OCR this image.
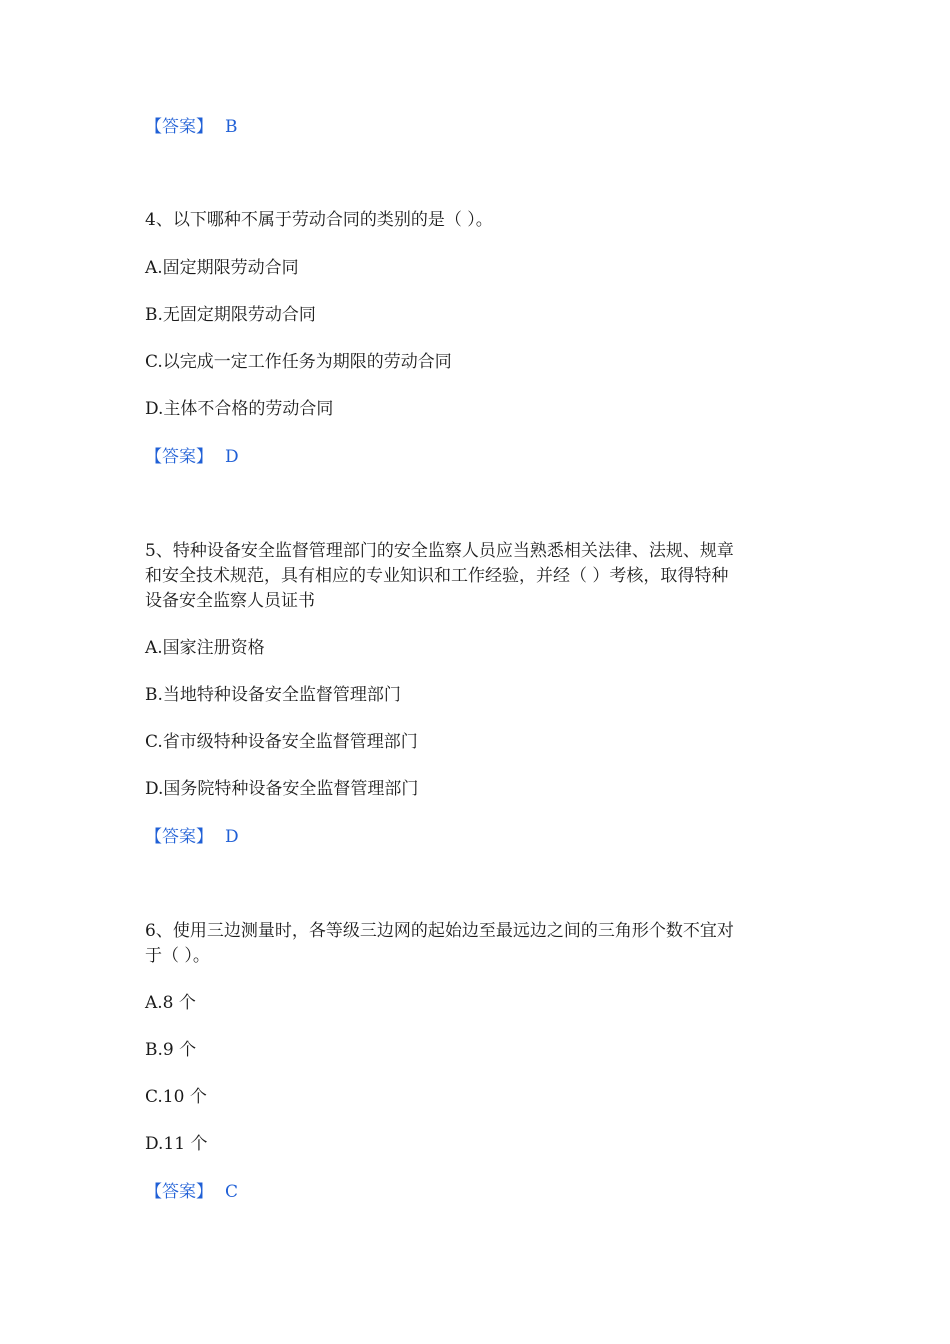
【答案】 B
4、以下哪种不属于劳动合同的类别的是（ ）。
A.固定期限劳动合同
B.无固定期限劳动合同
C.以完成一定工作任务为期限的劳动合同
D.主体不合格的劳动合同
【答案】 D
5、特种设备安全监督管理部门的安全监察人员应当熟悉相关法律、法规、规章
和安全技术规范，具有相应的专业知识和工作经验，并经（ ）考核，取得特种
设备安全监察人员证书
A.国家注册资格
B.当地特种设备安全监督管理部门
C.省市级特种设备安全监督管理部门
D.国务院特种设备安全监督管理部门
【答案】 D
6、使用三边测量时，各等级三边网的起始边至最远边之间的三角形个数不宜对
于（ ）。
A.8 个
B.9 个
C.10 个
D.11 个
【答案】 C
